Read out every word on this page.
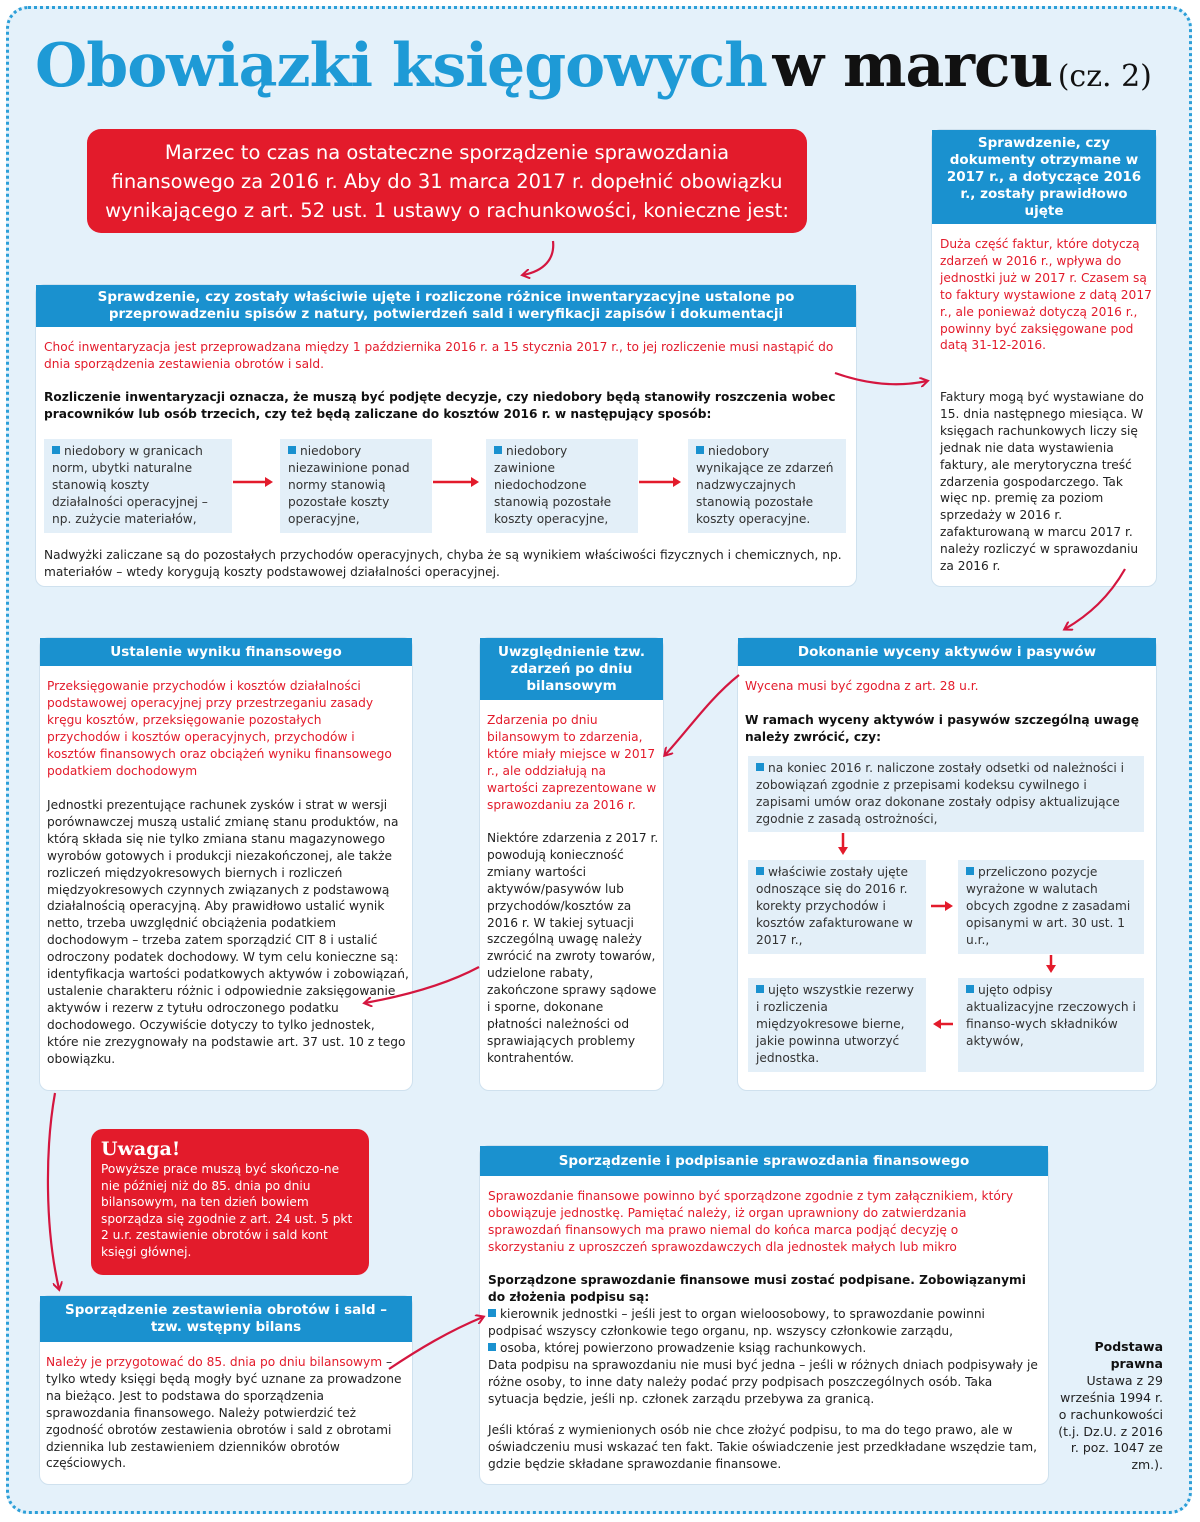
Obowiązki księgowych w marcu (cz. 2)
Marzec to czas na ostateczne sporządzenie sprawozdania finansowego za 2016 r. Aby do 31 marca 2017 r. dopełnić obowiązku wynikającego z art. 52 ust. 1 ustawy o rachunkowości, konieczne jest:
Sprawdzenie, czy zostały właściwie ujęte i rozliczone różnice inwentaryzacyjne ustalone po przeprowadzeniu spisów z natury, potwierdzeń sald i weryfikacji zapisów i dokumentacji
Choć inwentaryzacja jest przeprowadzana między 1 października 2016 r. a 15 stycznia 2017 r., to jej rozliczenie musi nastąpić do dnia sporządzenia zestawienia obrotów i sald.
Rozliczenie inwentaryzacji oznacza, że muszą być podjęte decyzje, czy niedobory będą stanowiły roszczenia wobec pracowników lub osób trzecich, czy też będą zaliczane do kosztów 2016 r. w następujący sposób:
niedobory w granicach norm, ubytki naturalne stanowią koszty działalności operacyjnej – np. zużycie materiałów,
niedobory niezawinione ponad normy stanowią pozostałe koszty operacyjne,
niedobory zawinione niedochodzone stanowią pozostałe koszty operacyjne,
niedobory wynikające ze zdarzeń nadzwyczajnych stanowią pozostałe koszty operacyjne.
Nadwyżki zaliczane są do pozostałych przychodów operacyjnych, chyba że są wynikiem właściwości fizycznych i chemicznych, np. materiałów – wtedy korygują koszty podstawowej działalności operacyjnej.
Sprawdzenie, czy dokumenty otrzymane w 2017 r., a dotyczące 2016 r., zostały prawidłowo ujęte
Duża część faktur, które dotyczą zdarzeń w 2016 r., wpływa do jednostki już w 2017 r. Czasem są to faktury wystawione z datą 2017 r., ale ponieważ dotyczą 2016 r., powinny być zaksięgowane pod datą 31-12-2016.
Faktury mogą być wystawiane do 15. dnia następnego miesiąca. W księgach rachunkowych liczy się jednak nie data wystawienia faktury, ale merytoryczna treść zdarzenia gospodarczego. Tak więc np. premię za poziom sprzedaży w 2016 r. zafakturowaną w marcu 2017 r. należy rozliczyć w sprawozdaniu za 2016 r.
Ustalenie wyniku finansowego
Przeksięgowanie przychodów i kosztów działalności podstawowej operacyjnej przy przestrzeganiu zasady kręgu kosztów, przeksięgowanie pozostałych przychodów i kosztów operacyjnych, przychodów i kosztów finansowych oraz obciążeń wyniku finansowego podatkiem dochodowym
Jednostki prezentujące rachunek zysków i strat w wersji porównawczej muszą ustalić zmianę stanu produktów, na którą składa się nie tylko zmiana stanu magazynowego wyrobów gotowych i produkcji niezakończonej, ale także rozliczeń międzyokresowych biernych i rozliczeń międzyokresowych czynnych związanych z podstawową działalnością operacyjną. Aby prawidłowo ustalić wynik netto, trzeba uwzględnić obciążenia podatkiem dochodowym – trzeba zatem sporządzić CIT 8 i ustalić odroczony podatek dochodowy. W tym celu konieczne są: identyfikacja wartości podatkowych aktywów i zobowiązań, ustalenie charakteru różnic i odpowiednie zaksięgowanie aktywów i rezerw z tytułu odroczonego podatku dochodowego. Oczywiście dotyczy to tylko jednostek, które nie zrezygnowały na podstawie art. 37 ust. 10 z tego obowiązku.
Uwzględnienie tzw. zdarzeń po dniu bilansowym
Zdarzenia po dniu bilansowym to zdarzenia, które miały miejsce w 2017 r., ale oddziałują na wartości zaprezentowane w sprawozdaniu za 2016 r.
Niektóre zdarzenia z 2017 r. powodują konieczność zmiany wartości aktywów/pasywów lub przychodów/kosztów za 2016 r. W takiej sytuacji szczególną uwagę należy zwrócić na zwroty towarów, udzielone rabaty, zakończone sprawy sądowe i sporne, dokonane płatności należności od sprawiających problemy kontrahentów.
Dokonanie wyceny aktywów i pasywów
Wycena musi być zgodna z art. 28 u.r.
W ramach wyceny aktywów i pasywów szczególną uwagę należy zwrócić, czy:
na koniec 2016 r. naliczone zostały odsetki od należności i zobowiązań zgodnie z przepisami kodeksu cywilnego i zapisami umów oraz dokonane zostały odpisy aktualizujące zgodnie z zasadą ostrożności,
właściwie zostały ujęte odnoszące się do 2016 r. korekty przychodów i kosztów zafakturowane w 2017 r.,
przeliczono pozycje wyrażone w walutach obcych zgodne z zasadami opisanymi w art. 30 ust. 1 u.r.,
ujęto odpisy aktualizacyjne rzeczowych i finanso-wych składników aktywów,
ujęto wszystkie rezerwy i rozliczenia międzyokresowe bierne, jakie powinna utworzyć jednostka.
Uwaga!
Powyższe prace muszą być skończo-ne nie później niż do 85. dnia po dniu bilansowym, na ten dzień bowiem sporządza się zgodnie z art. 24 ust. 5 pkt 2 u.r. zestawienie obrotów i sald kont księgi głównej.
Sporządzenie zestawienia obrotów i sald – tzw. wstępny bilans
Należy je przygotować do 85. dnia po dniu bilansowym – tylko wtedy księgi będą mogły być uznane za prowadzone na bieżąco. Jest to podstawa do sporządzenia sprawozdania finansowego. Należy potwierdzić też zgodność obrotów zestawienia obrotów i sald z obrotami dziennika lub zestawieniem dzienników obrotów częściowych.
Sporządzenie i podpisanie sprawozdania finansowego
Sprawozdanie finansowe powinno być sporządzone zgodnie z tym załącznikiem, który obowiązuje jednostkę. Pamiętać należy, iż organ uprawniony do zatwierdzania sprawozdań finansowych ma prawo niemal do końca marca podjąć decyzję o skorzystaniu z uproszczeń sprawozdawczych dla jednostek małych lub mikro
Sporządzone sprawozdanie finansowe musi zostać podpisane. Zobowiązanymi do złożenia podpisu są:
kierownik jednostki – jeśli jest to organ wieloosobowy, to sprawozdanie powinni podpisać wszyscy członkowie tego organu, np. wszyscy członkowie zarządu,
osoba, której powierzono prowadzenie ksiąg rachunkowych.
Data podpisu na sprawozdaniu nie musi być jedna – jeśli w różnych dniach podpisywały je różne osoby, to inne daty należy podać przy podpisach poszczególnych osób. Taka sytuacja będzie, jeśli np. członek zarządu przebywa za granicą.
Jeśli któraś z wymienionych osób nie chce złożyć podpisu, to ma do tego prawo, ale w oświadczeniu musi wskazać ten fakt. Takie oświadczenie jest przedkładane wszędzie tam, gdzie będzie składane sprawozdanie finansowe.
Podstawa prawna
Ustawa z 29 września 1994 r. o rachunkowości (t.j. Dz.U. z 2016 r. poz. 1047 ze zm.).
